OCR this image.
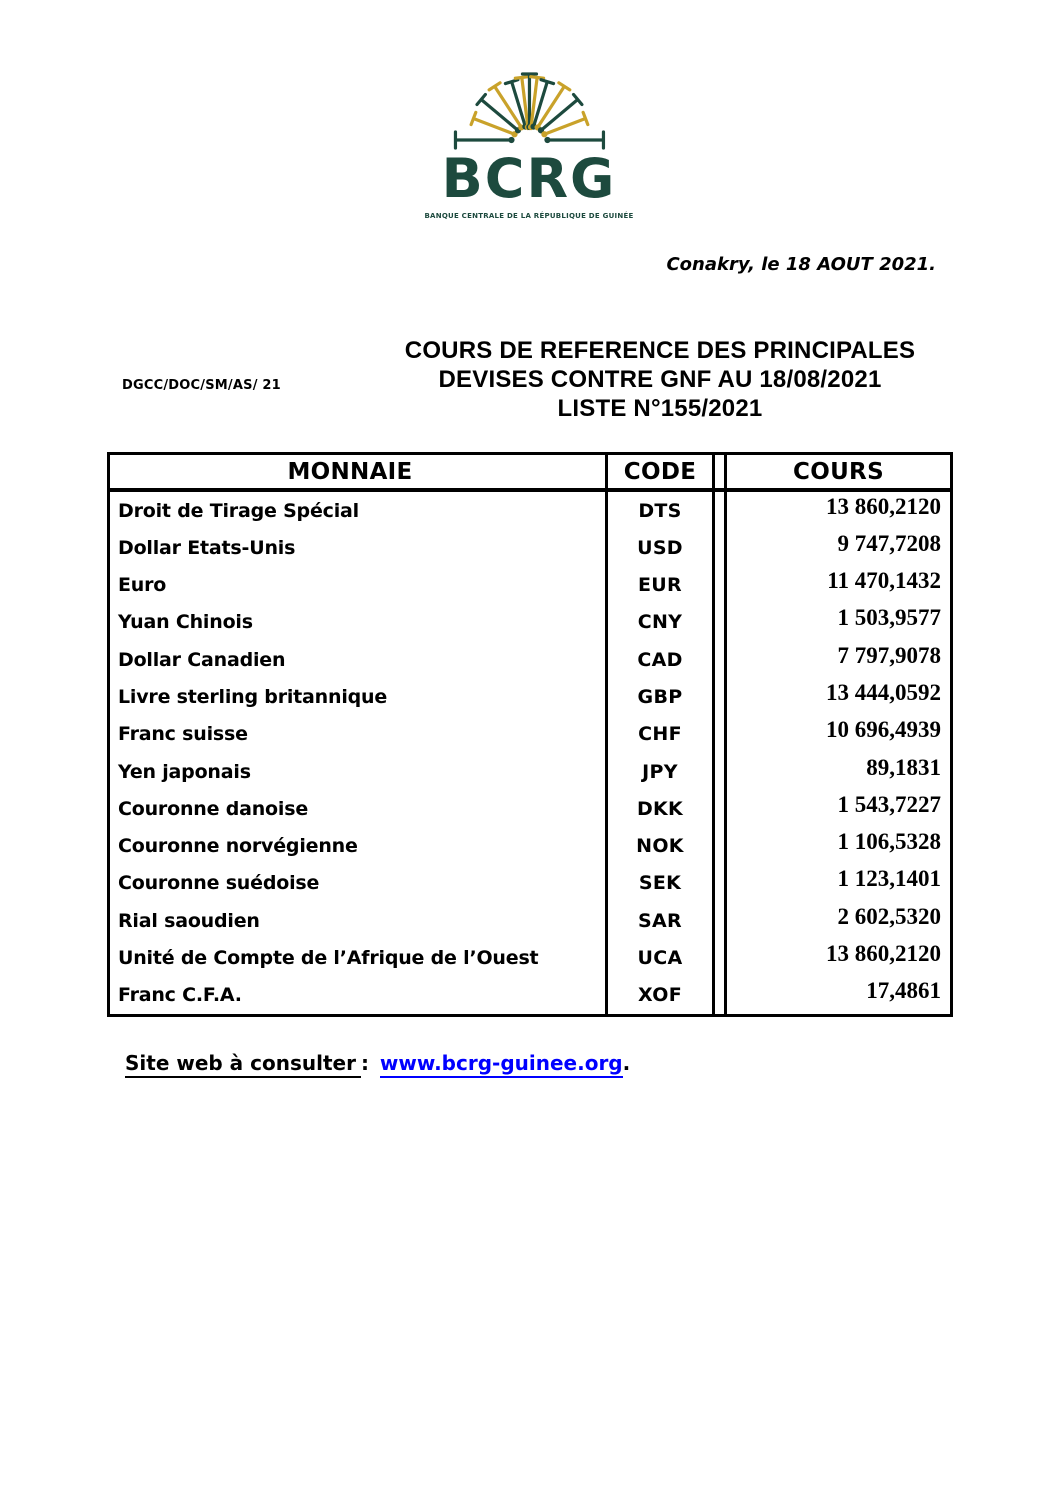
BCRG
BANQUE CENTRALE DE LA RÉPUBLIQUE DE GUINÉE
Conakry, le 18 AOUT 2021.
DGCC/DOC/SM/AS/ 21
COURS DE REFERENCE DES PRINCIPALES
DEVISES CONTRE GNF AU 18/08/2021
LISTE N°155/2021
MONNAIE	CODE	COURS
Droit de Tirage Spécial	DTS	13 860,2120
Dollar Etats-Unis	USD	9 747,7208
Euro	EUR	11 470,1432
Yuan Chinois	CNY	1 503,9577
Dollar Canadien	CAD	7 797,9078
Livre sterling britannique	GBP	13 444,0592
Franc suisse	CHF	10 696,4939
Yen japonais	JPY	89,1831
Couronne danoise	DKK	1 543,7227
Couronne norvégienne	NOK	1 106,5328
Couronne suédoise	SEK	1 123,1401
Rial saoudien	SAR	2 602,5320
Unité de Compte de l’Afrique de l’Ouest	UCA	13 860,2120
Franc C.F.A.	XOF	17,4861
Site web à consulter : www.bcrg-guinee.org.
